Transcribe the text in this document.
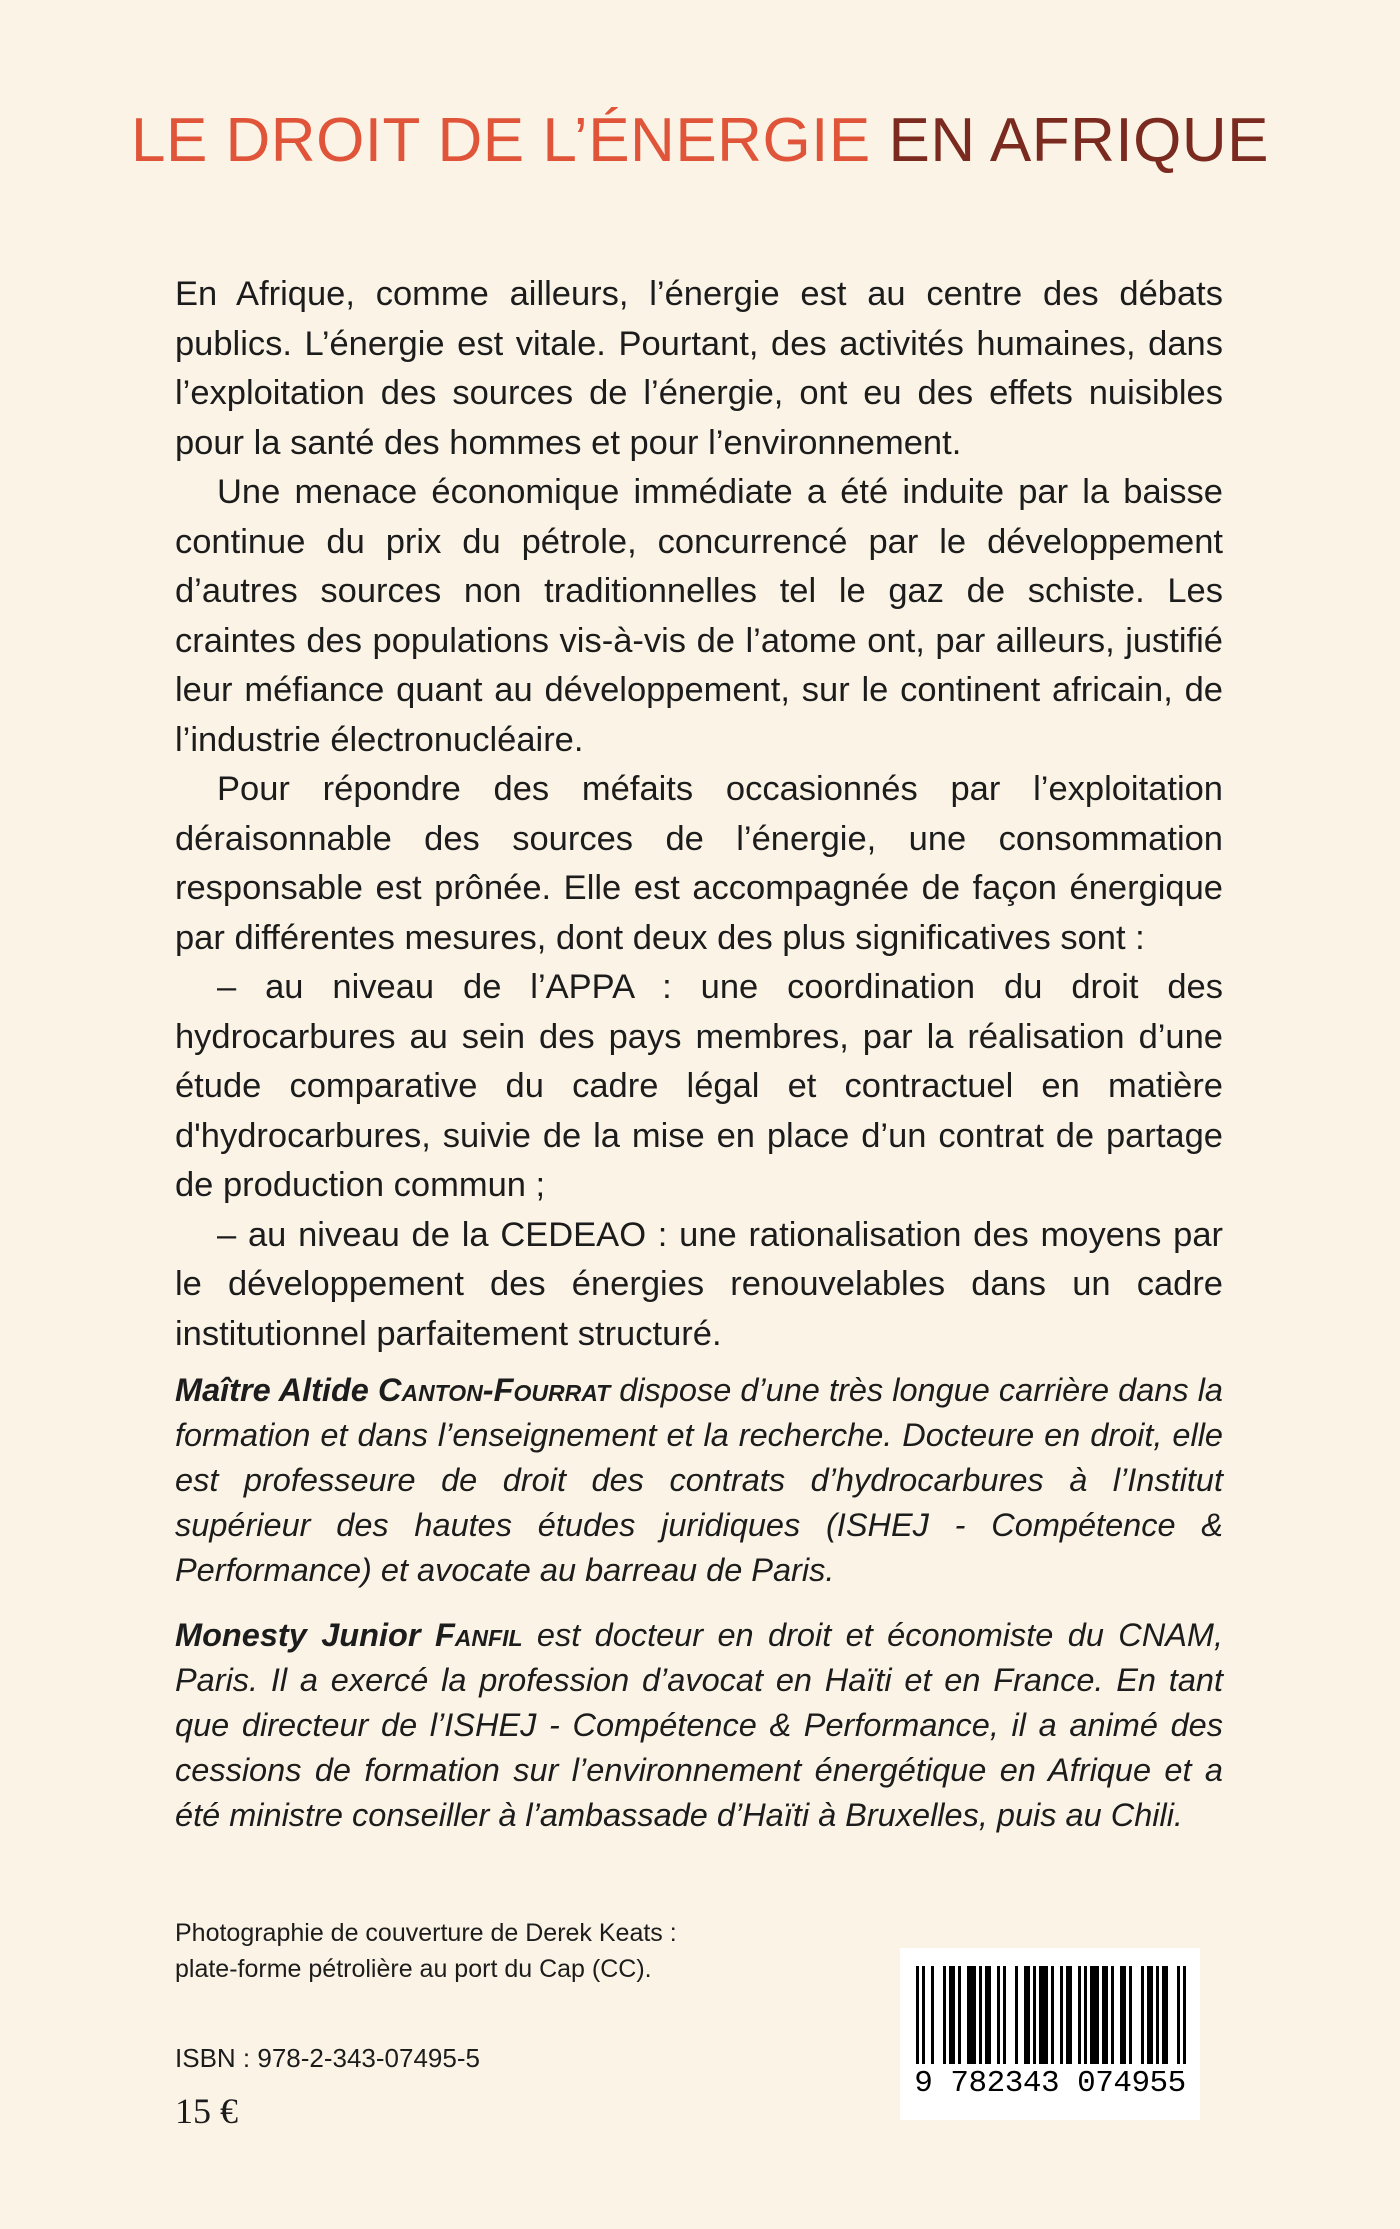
LE DROIT DE L’ÉNERGIE EN AFRIQUE

En Afrique, comme ailleurs, l’énergie est au centre des débats publics. L’énergie est vitale. Pourtant, des activités humaines, dans l’exploitation des sources de l’énergie, ont eu des effets nuisibles pour la santé des hommes et pour l’environnement.

Une menace économique immédiate a été induite par la baisse continue du prix du pétrole, concurrencé par le développement d’autres sources non traditionnelles tel le gaz de schiste. Les craintes des populations vis-à-vis de l’atome ont, par ailleurs, justifié leur méfiance quant au développement, sur le continent africain, de l’industrie électronucléaire.

Pour répondre des méfaits occasionnés par l’exploitation déraisonnable des sources de l’énergie, une consommation responsable est prônée. Elle est accompagnée de façon énergique par différentes mesures, dont deux des plus significatives sont :

– au niveau de l’APPA : une coordination du droit des hydrocarbures au sein des pays membres, par la réalisation d’une étude comparative du cadre légal et contractuel en matière d'hydrocarbures, suivie de la mise en place d’un contrat de partage de production commun ;

– au niveau de la CEDEAO : une rationalisation des moyens par le développement des énergies renouvelables dans un cadre institutionnel parfaitement structuré.

Maître Altide Canton-Fourrat dispose d’une très longue carrière dans la formation et dans l’enseignement et la recherche. Docteure en droit, elle est professeure de droit des contrats d’hydrocarbures à l’Institut supérieur des hautes études juridiques (ISHEJ - Compétence & Performance) et avocate au barreau de Paris.

Monesty Junior Fanfil est docteur en droit et économiste du CNAM, Paris. Il a exercé la profession d’avocat en Haïti et en France. En tant que directeur de l’ISHEJ - Compétence & Performance, il a animé des cessions de formation sur l’environnement énergétique en Afrique et a été ministre conseiller à l’ambassade d’Haïti à Bruxelles, puis au Chili.

Photographie de couverture de Derek Keats :
plate-forme pétrolière au port du Cap (CC).
ISBN : 978-2-343-07495-5
15 €
9 782343 074955
